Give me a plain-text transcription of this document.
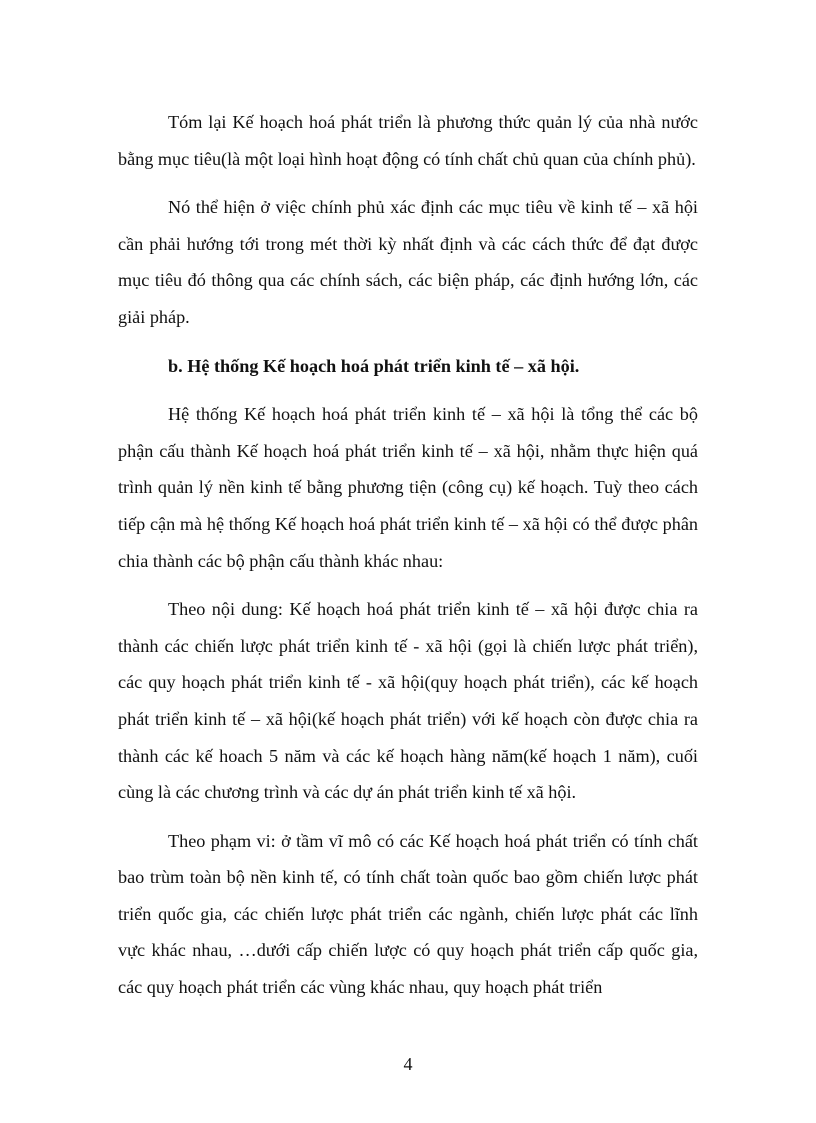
Tóm lại Kế hoạch hoá phát triển là phương thức quản lý của nhà nước bằng mục tiêu(là một loại hình hoạt động có tính chất chủ quan của chính phủ).

Nó thể hiện ở việc chính phủ xác định các mục tiêu về kinh tế – xã hội cần phải hướng tới trong mét thời kỳ nhất định và các cách thức để đạt được mục tiêu đó thông qua các chính sách, các biện pháp, các định hướng lớn, các giải pháp.

b. Hệ thống Kế hoạch hoá phát triển kinh tế – xã hội.

Hệ thống Kế hoạch hoá phát triển kinh tế – xã hội là tổng thể các bộ phận cấu thành Kế hoạch hoá phát triển kinh tế – xã hội, nhằm thực hiện quá trình quản lý nền kinh tế bằng phương tiện (công cụ) kế hoạch. Tuỳ theo cách tiếp cận mà hệ thống Kế hoạch hoá phát triển kinh tế – xã hội có thể được phân chia thành các bộ phận cấu thành khác nhau:

Theo nội dung: Kế hoạch hoá phát triển kinh tế – xã hội được chia ra thành các chiến lược phát triển kinh tế - xã hội (gọi là chiến lược phát triển), các quy hoạch phát triển kinh tế - xã hội(quy hoạch phát triển), các kế hoạch phát triển kinh tế – xã hội(kế hoạch phát triển) với kế hoạch còn được chia ra thành các kế hoach 5 năm và các kế hoạch hàng năm(kế hoạch 1 năm), cuối cùng là các chương trình và các dự án phát triển kinh tế xã hội.

Theo phạm vi: ở tầm vĩ mô có các Kế hoạch hoá phát triển có tính chất bao trùm toàn bộ nền kinh tế, có tính chất toàn quốc bao gồm chiến lược phát triển quốc gia, các chiến lược phát triển các ngành, chiến lược phát các lĩnh vực khác nhau, …dưới cấp chiến lược có quy hoạch phát triển cấp quốc gia, các quy hoạch phát triển các vùng khác nhau, quy hoạch phát triển

4
